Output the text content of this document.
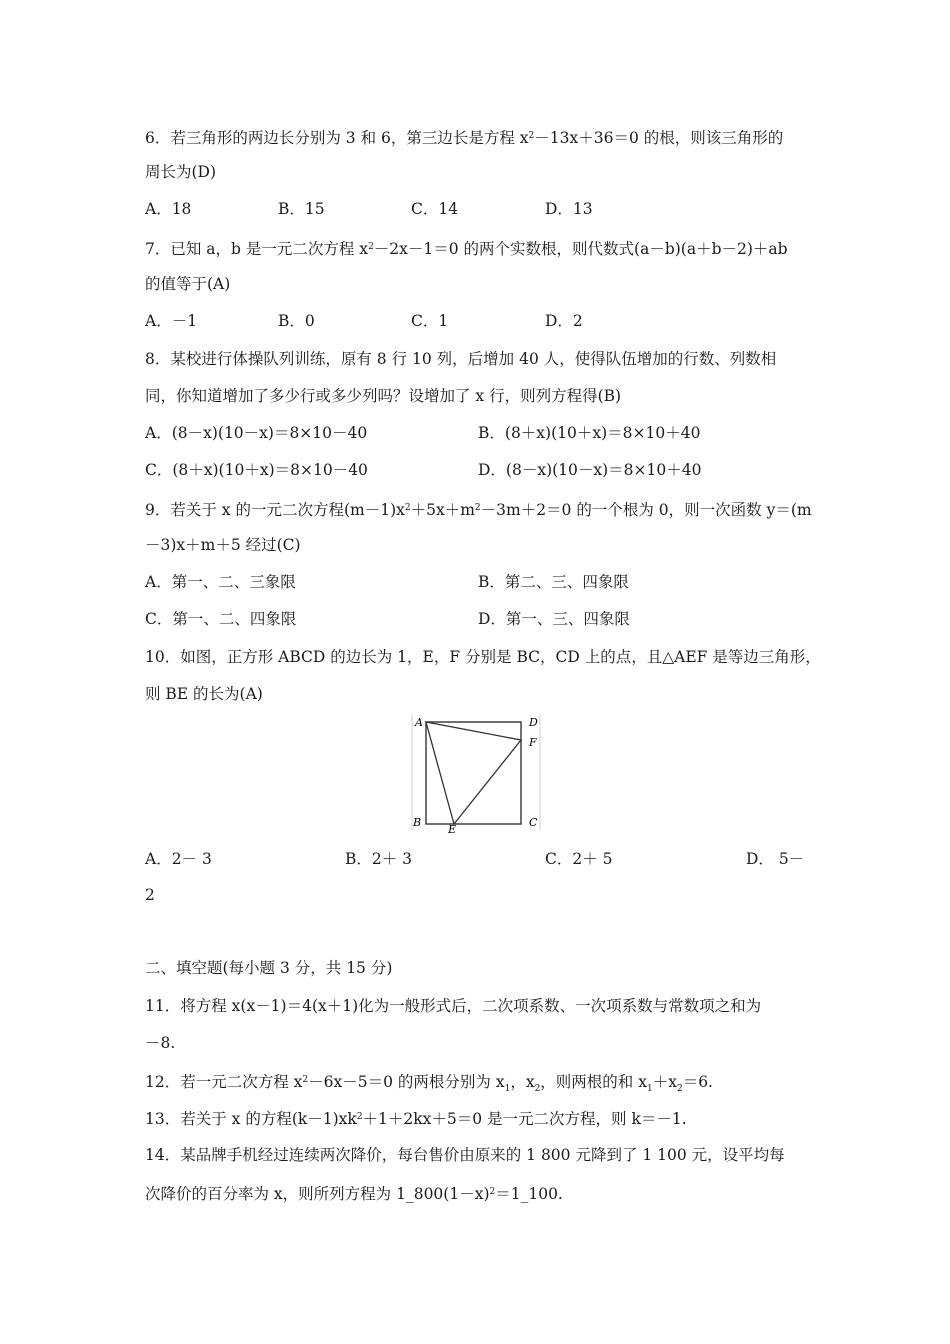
6．若三角形的两边长分别为 3 和 6，第三边长是方程 $x^2-13x+36=0$ 的根，则该三角形的
周长为(D)
A．18	B．15	C．14	D．13
7．已知 a，b 是一元二次方程 $x^2-2x-1=0$ 的两个实数根，则代数式(a－b)(a＋b－2)＋ab
的值等于(A)
A．－1	B．0	C．1	D．2
8．某校进行体操队列训练，原有 8 行 10 列，后增加 40 人，使得队伍增加的行数、列数相
同，你知道增加了多少行或多少列吗？设增加了 x 行，则列方程得(B)
A．(8－x)(10－x)＝8×10－40	B．(8＋x)(10＋x)＝8×10＋40
C．(8＋x)(10＋x)＝8×10－40	D．(8－x)(10－x)＝8×10＋40
9．若关于 x 的一元二次方程$(m-1)x^2+5x+m^2-3m+2=0$ 的一个根为 0，则一次函数 y＝(m
－3)x＋m＋5 经过(C)
A．第一、二、三象限	B．第二、三、四象限
C．第一、二、四象限	D．第一、三、四象限
10．如图，正方形 ABCD 的边长为 1，E，F 分别是 BC，CD 上的点，且△AEF 是等边三角形，
则 BE 的长为(A)
A	D
F
B	C
E
A．2－ 3	B．2＋ 3	C．2＋ 5	D． 5－
2
二、填空题(每小题 3 分，共 15 分)
11．将方程 x(x－1)＝4(x＋1)化为一般形式后，二次项系数、一次项系数与常数项之和为
－8.
12．若一元二次方程 $x^2-6x-5=0$ 的两根分别为 $x_1$，$x_2$，则两根的和 $x_1+x_2=6$.
13．若关于 x 的方程$(k-1)xk^2+1+2kx+5=0$ 是一元二次方程，则 k＝－1.
14．某品牌手机经过连续两次降价，每台售价由原来的 1 800 元降到了 1 100 元，设平均每
次降价的百分率为 x，则所列方程为 $1\_800(1-x)^2=1\_100$.
